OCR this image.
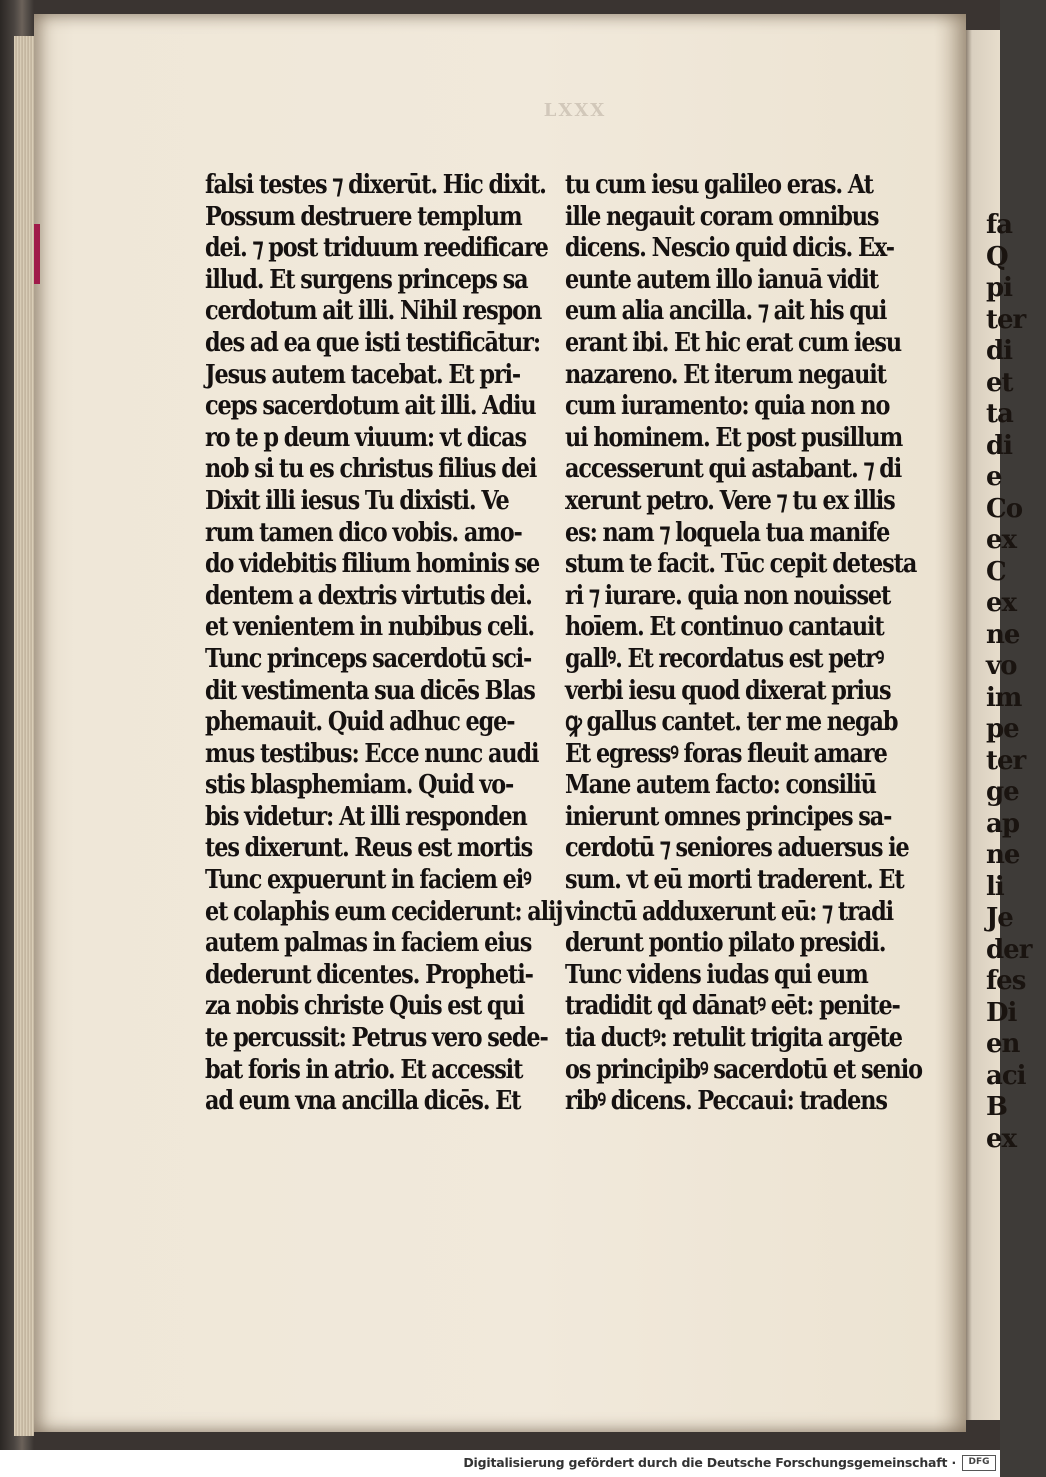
LXXX
falsi testes ⁊ dixerūt. Hic dixit.
Possum destruere templum
dei. ⁊ post triduum reedificare
illud. Et surgens princeps sa
cerdotum ait illi. Nihil respon
des ad ea que isti testificātur:
Jesus autem tacebat. Et pri-
ceps sacerdotum ait illi. Adiu
ro te p deum viuum: vt dicas
nob si tu es christus filius dei
Dixit illi iesus Tu dixisti. Ve
rum tamen dico vobis. amo-
do videbitis filium hominis se
dentem a dextris virtutis dei.
et venientem in nubibus celi.
Tunc princeps sacerdotū sci-
dit vestimenta sua dicēs Blas
phemauit. Quid adhuc ege-
mus testibus: Ecce nunc audi
stis blasphemiam. Quid vo-
bis videtur: At illi responden
tes dixerunt. Reus est mortis
Tunc expuerunt in faciem eiꝰ
et colaphis eum ceciderunt: alij
autem palmas in faciem eius
dederunt dicentes. Propheti-
za nobis christe Quis est qui
te percussit: Petrus vero sede-
bat foris in atrio. Et accessit
ad eum vna ancilla dicēs. Et
tu cum iesu galileo eras. At
ille negauit coram omnibus
dicens. Nescio quid dicis. Ex-
eunte autem illo ianuā vidit
eum alia ancilla. ⁊ ait his qui
erant ibi. Et hic erat cum iesu
nazareno. Et iterum negauit
cum iuramento: quia non no
ui hominem. Et post pusillum
accesserunt qui astabant. ⁊ di
xerunt petro. Vere ⁊ tu ex illis
es: nam ⁊ loquela tua manife
stum te facit. Tūc cepit detesta
ri ⁊ iurare. quia non nouisset
hoīem. Et continuo cantauit
gallꝰ. Et recordatus est petrꝰ
verbi iesu quod dixerat prius
ꝙ gallus cantet. ter me negab
Et egressꝰ foras fleuit amare
Mane autem facto: consiliū
inierunt omnes principes sa-
cerdotū ⁊ seniores aduersus ie
sum. vt eū morti traderent. Et
vinctū adduxerunt eū: ⁊ tradi
derunt pontio pilato presidi.
Tunc videns iudas qui eum
tradidit qd dānatꝰ eēt: penite-
tia ductꝰ: retulit trigita argēte
os principibꝰ sacerdotū et senio
ribꝰ dicens. Peccaui: tradens
fa
Q
pi
ter
di
et
ta
di
e
Co
ex
C
ex
ne
vo
im
pe
ter
ge
ap
ne
li
Je
der
fes
Di
en
aci
B
ex
Digitalisierung gefördert durch die Deutsche Forschungsgemeinschaft ·	DFG
